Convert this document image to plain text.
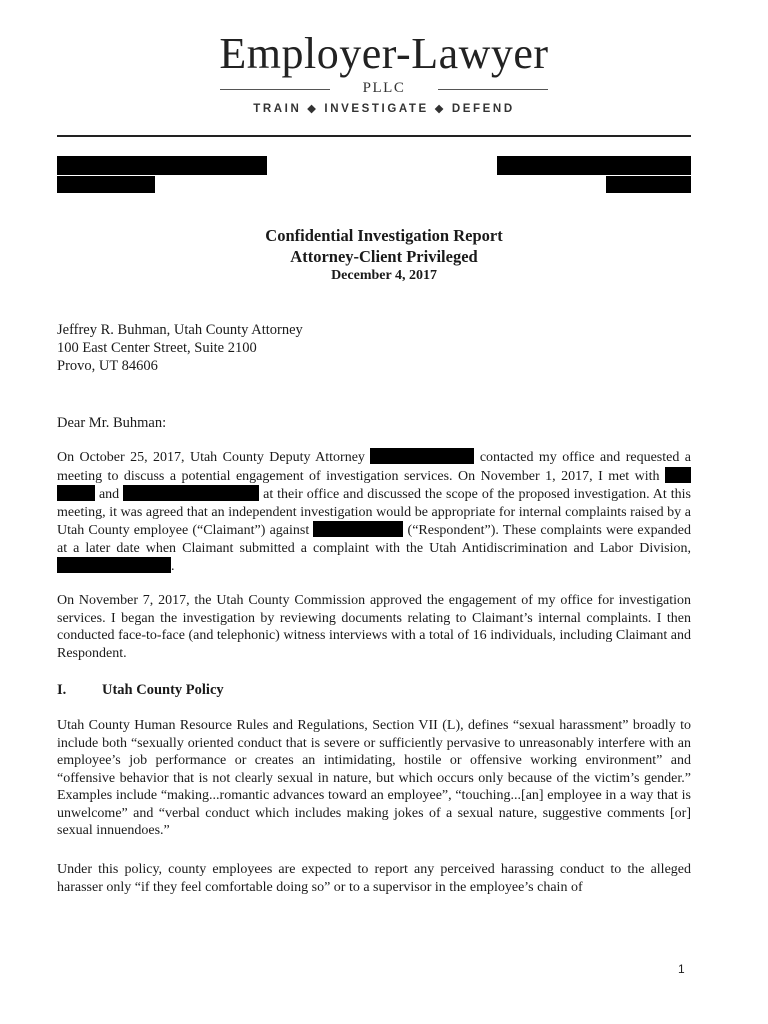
Employer-Lawyer
PLLC
TRAIN ◆ INVESTIGATE ◆ DEFEND
Confidential Investigation Report
Attorney-Client Privileged
December 4, 2017
Jeffrey R. Buhman, Utah County Attorney
100 East Center Street, Suite 2100
Provo, UT 84606
Dear Mr. Buhman:
On October 25, 2017, Utah County Deputy Attorney	contacted my office and requested a meeting to discuss a potential engagement of investigation services. On November 1, 2017, I met with   and	at their office and discussed the scope of the proposed investigation. At this meeting, it was agreed that an independent investigation would be appropriate for internal complaints raised by a Utah County employee (“Claimant”) against	(“Respondent”). These complaints were expanded at a later date when Claimant submitted a complaint with the Utah Antidiscrimination and Labor Division, .
On November 7, 2017, the Utah County Commission approved the engagement of my office for investigation services. I began the investigation by reviewing documents relating to Claimant’s internal complaints. I then conducted face-to-face (and telephonic) witness interviews with a total of 16 individuals, including Claimant and Respondent.
I. Utah County Policy
Utah County Human Resource Rules and Regulations, Section VII (L), defines “sexual harassment” broadly to include both “sexually oriented conduct that is severe or sufficiently pervasive to unreasonably interfere with an employee’s job performance or creates an intimidating, hostile or offensive working environment” and “offensive behavior that is not clearly sexual in nature, but which occurs only because of the victim’s gender.” Examples include “making...romantic advances toward an employee”, “touching...[an] employee in a way that is unwelcome” and “verbal conduct which includes making jokes of a sexual nature, suggestive comments [or] sexual innuendoes.”
Under this policy, county employees are expected to report any perceived harassing conduct to the alleged harasser only “if they feel comfortable doing so” or to a supervisor in the employee’s chain of
1
